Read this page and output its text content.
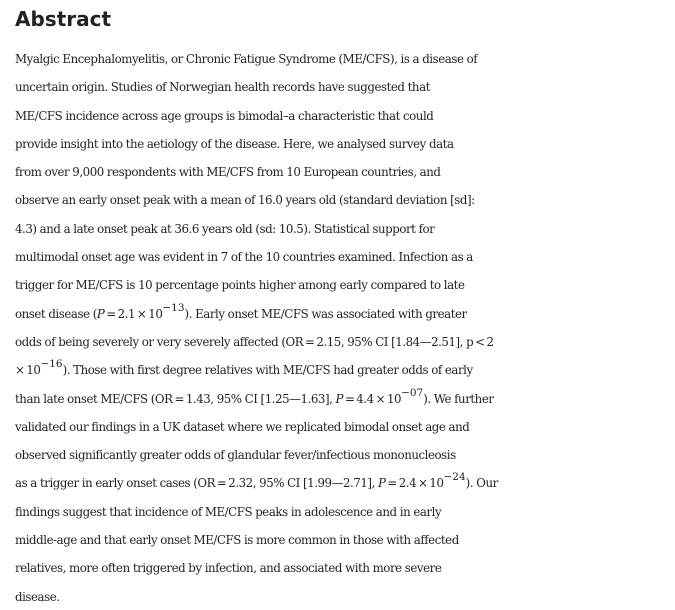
Abstract
Myalgic Encephalomyelitis, or Chronic Fatigue Syndrome (ME/CFS), is a disease of
uncertain origin. Studies of Norwegian health records have suggested that
ME/CFS incidence across age groups is bimodal–a characteristic that could
provide insight into the aetiology of the disease. Here, we analysed survey data
from over 9,000 respondents with ME/CFS from 10 European countries, and
observe an early onset peak with a mean of 16.0 years old (standard deviation [sd]:
4.3) and a late onset peak at 36.6 years old (sd: 10.5). Statistical support for
multimodal onset age was evident in 7 of the 10 countries examined. Infection as a
trigger for ME/CFS is 10 percentage points higher among early compared to late
onset disease $(P = 2.1 \times 10^{-13})$. Early onset ME/CFS was associated with greater
odds of being severely or very severely affected (OR = 2.15, 95% CI [1.84—2.51], p < 2
× $10^{-16}$). Those with first degree relatives with ME/CFS had greater odds of early
than late onset ME/CFS (OR = 1.43, 95% CI [1.25—1.63], $P = 4.4 \times 10^{-07}$). We further
validated our findings in a UK dataset where we replicated bimodal onset age and
observed significantly greater odds of glandular fever/infectious mononucleosis
as a trigger in early onset cases (OR = 2.32, 95% CI [1.99—2.71], $P = 2.4 \times 10^{-24}$). Our
findings suggest that incidence of ME/CFS peaks in adolescence and in early
middle-age and that early onset ME/CFS is more common in those with affected
relatives, more often triggered by infection, and associated with more severe
disease.
